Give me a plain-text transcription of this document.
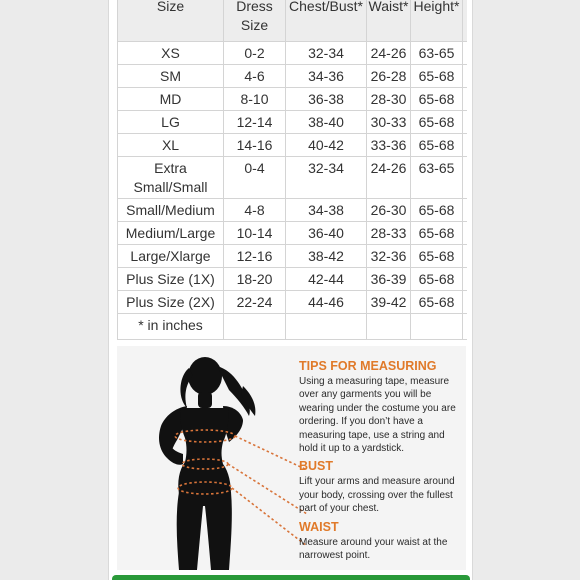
Size	Dress Size	Chest/Bust*	Waist*	Height*	
XS	0-2	32-34	24-26	63-65	
SM	4-6	34-36	26-28	65-68	
MD	8-10	36-38	28-30	65-68	
LG	12-14	38-40	30-33	65-68	
XL	14-16	40-42	33-36	65-68	
Extra Small/Small	0-4	32-34	24-26	63-65	
Small/Medium	4-8	34-38	26-30	65-68	
Medium/Large	10-14	36-40	28-33	65-68	
Large/Xlarge	12-16	38-42	32-36	65-68	
Plus Size (1X)	18-20	42-44	36-39	65-68	
Plus Size (2X)	22-24	44-46	39-42	65-68	
* in inches					
TIPS FOR MEASURING
Using a measuring tape, measure over any garments you will be wearing under the costume you are ordering. If you don’t have a measuring tape, use a string and hold it up to a yardstick.
BUST
Lift your arms and measure around your body, crossing over the fullest part of your chest.
WAIST
Measure around your waist at the narrowest point.
